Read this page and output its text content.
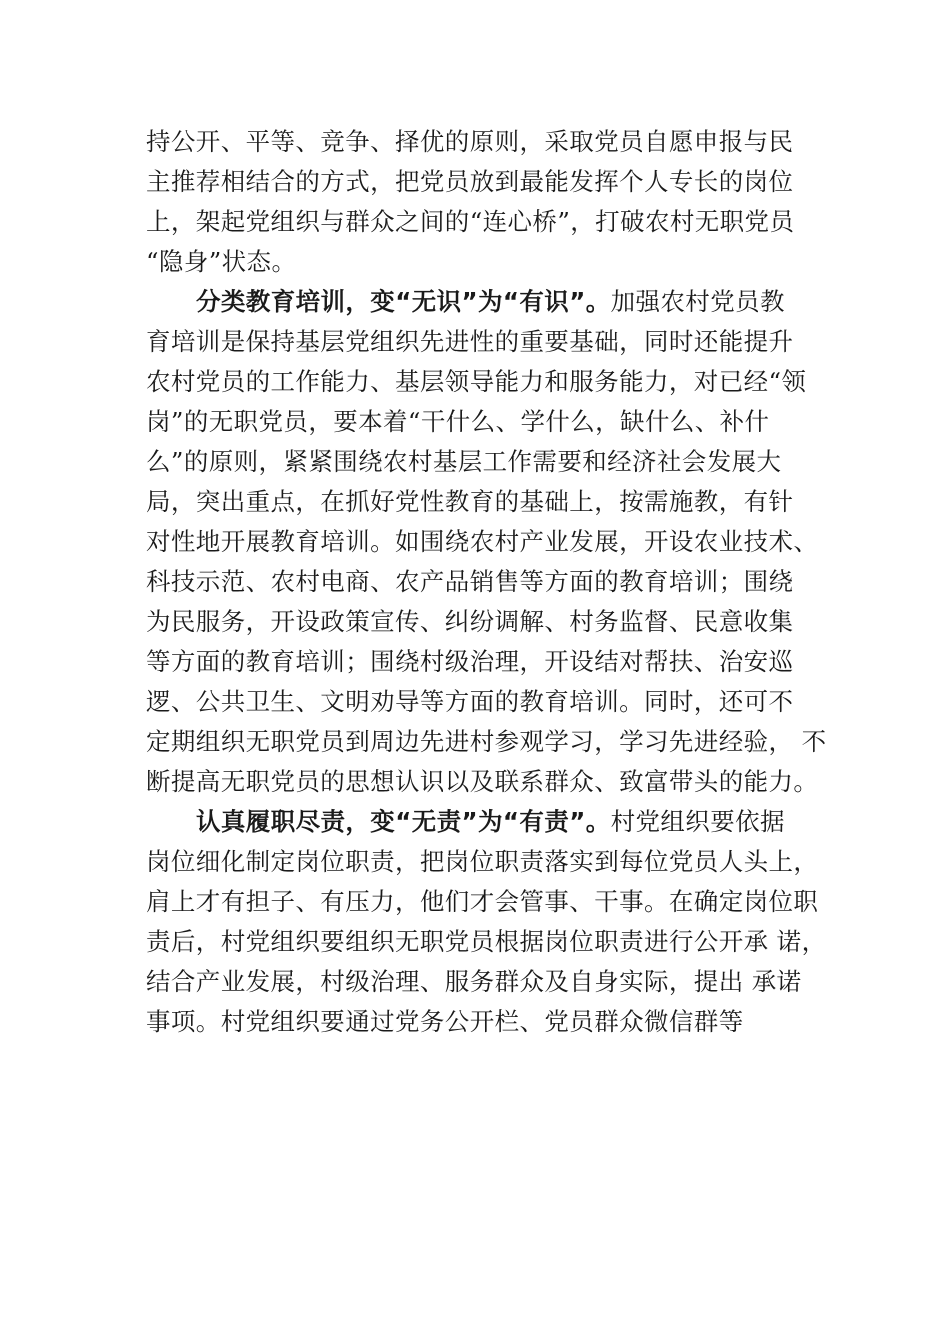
持公开、平等、竞争、择优的原则，采取党员自愿申报与民
主推荐相结合的方式，把党员放到最能发挥个人专长的岗位
上，架起党组织与群众之间的“连心桥”，打破农村无职党员
“隐身”状态。
分类教育培训，变“无识”为“有识”。加强农村党员教
育培训是保持基层党组织先进性的重要基础，同时还能提升
农村党员的工作能力、基层领导能力和服务能力，对已经“领
岗”的无职党员，要本着“干什么、学什么，缺什么、补什
么”的原则，紧紧围绕农村基层工作需要和经济社会发展大
局，突出重点，在抓好党性教育的基础上，按需施教，有针
对性地开展教育培训。如围绕农村产业发展，开设农业技术、
科技示范、农村电商、农产品销售等方面的教育培训；围绕
为民服务，开设政策宣传、纠纷调解、村务监督、民意收集
等方面的教育培训；围绕村级治理，开设结对帮扶、治安巡
逻、公共卫生、文明劝导等方面的教育培训。同时，还可不
定期组织无职党员到周边先进村参观学习，学习先进经验， 不
断提高无职党员的思想认识以及联系群众、致富带头的能力。
认真履职尽责，变“无责”为“有责”。村党组织要依据
岗位细化制定岗位职责，把岗位职责落实到每位党员人头上，
肩上才有担子、有压力，他们才会管事、干事。在确定岗位职
责后，村党组织要组织无职党员根据岗位职责进行公开承 诺，
结合产业发展，村级治理、服务群众及自身实际，提出 承诺
事项。村党组织要通过党务公开栏、党员群众微信群等
